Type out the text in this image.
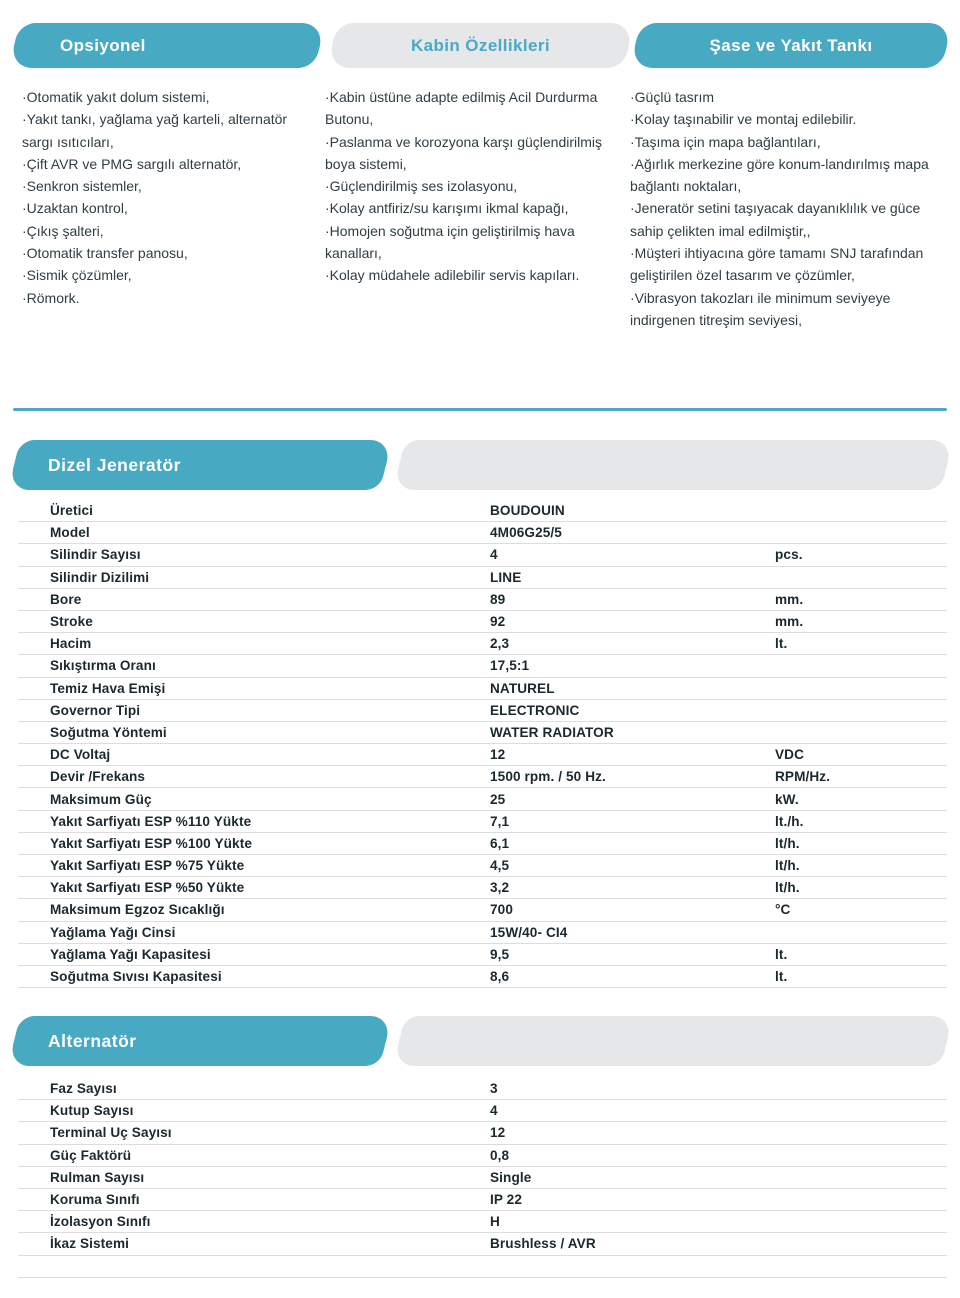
Opsiyonel	Kabin Özellikleri	Şase ve Yakıt Tankı

·Otomatik yakıt dolum sistemi,

·Yakıt tankı, yağlama yağ karteli, alternatör sargı ısıtıcıları,

·Çift AVR ve PMG sargılı alternatör,

·Senkron sistemler,

·Uzaktan kontrol,

·Çıkış şalteri,

·Otomatik transfer panosu,

·Sismik çözümler,

·Römork.

·Kabin üstüne adapte edilmiş Acil Durdurma Butonu,

·Paslanma ve korozyona karşı güçlendirilmiş boya sistemi,

·Güçlendirilmiş ses izolasyonu,

·Kolay antfiriz/su karışımı ikmal kapağı,

·Homojen soğutma için geliştirilmiş hava kanalları,

·Kolay müdahele adilebilir servis kapıları.

·Güçlü tasrım

·Kolay taşınabilir ve montaj edilebilir.

·Taşıma için mapa bağlantıları,

·Ağırlık merkezine göre konum-landırılmış mapa bağlantı noktaları,

·Jeneratör setini taşıyacak dayanıklılık ve güce sahip çelikten imal edilmiştir,,

·Müşteri ihtiyacına göre tamamı SNJ tarafından geliştirilen özel tasarım ve çözümler,

·Vibrasyon takozları ile minimum seviyeye indirgenen titreşim seviyesi,

Dizel Jeneratör
Üretici	BOUDOUIN
Model	4M06G25/5
Silindir Sayısı	4	pcs.
Silindir Dizilimi	LINE
Bore	89	mm.
Stroke	92	mm.
Hacim	2,3	lt.
Sıkıştırma Oranı	17,5:1
Temiz Hava Emişi	NATUREL
Governor Tipi	ELECTRONIC
Soğutma Yöntemi	WATER RADIATOR
DC Voltaj	12	VDC
Devir /Frekans	1500 rpm. / 50 Hz.	RPM/Hz.
Maksimum Güç	25	kW.
Yakıt Sarfiyatı ESP %110 Yükte	7,1	lt./h.
Yakıt Sarfiyatı ESP %100 Yükte	6,1	lt/h.
Yakıt Sarfiyatı ESP %75 Yükte	4,5	lt/h.
Yakıt Sarfiyatı ESP %50 Yükte	3,2	lt/h.
Maksimum Egzoz Sıcaklığı	700	°C
Yağlama Yağı Cinsi	15W/40- CI4
Yağlama Yağı Kapasitesi	9,5	lt.
Soğutma Sıvısı Kapasitesi	8,6	lt.
Alternatör
Faz Sayısı	3
Kutup Sayısı	4
Terminal Uç Sayısı	12
Güç Faktörü	0,8
Rulman Sayısı	Single
Koruma Sınıfı	IP 22
İzolasyon Sınıfı	H
İkaz Sistemi	Brushless / AVR
